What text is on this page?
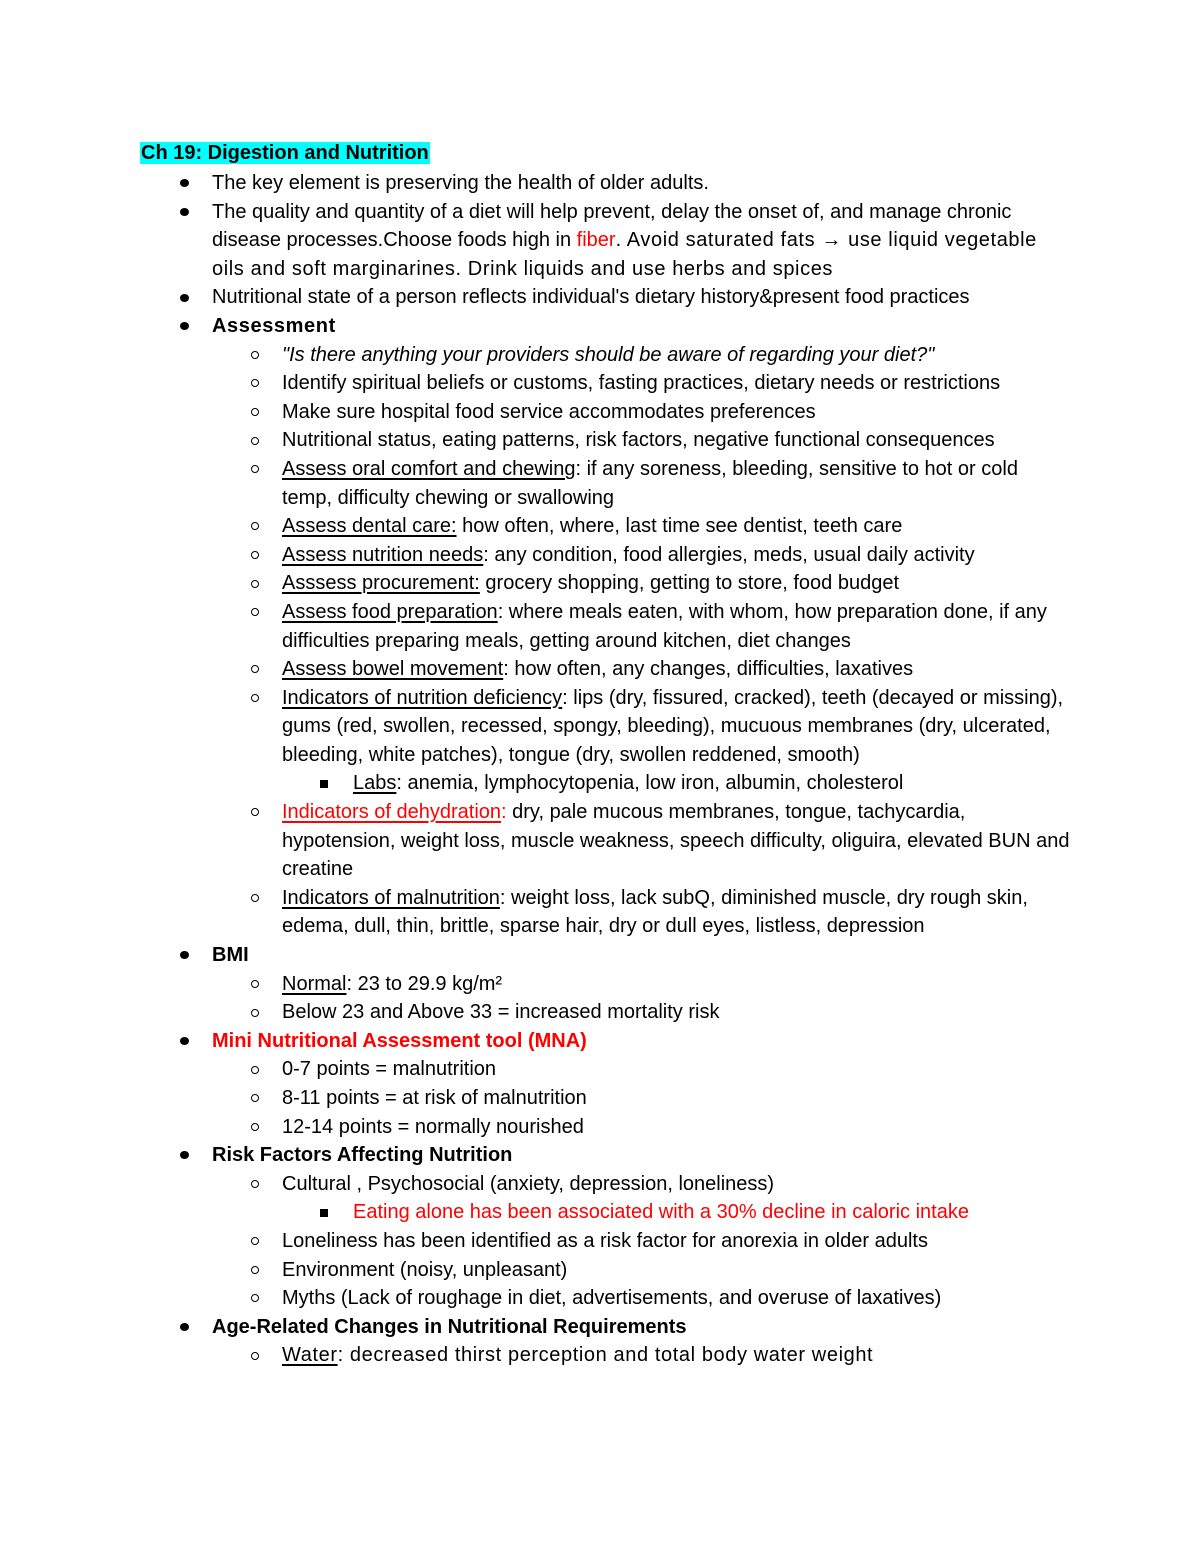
Ch 19: Digestion and Nutrition
The key element is preserving the health of older adults.
The quality and quantity of a diet will help prevent, delay the onset of, and manage chronic disease processes.Choose foods high in fiber. Avoid saturated fats → use liquid vegetable oils and soft marginarines. Drink liquids and use herbs and spices
Nutritional state of a person reflects individual's dietary history&present food practices
Assessment
"Is there anything your providers should be aware of regarding your diet?"
Identify spiritual beliefs or customs, fasting practices, dietary needs or restrictions
Make sure hospital food service accommodates preferences
Nutritional status, eating patterns, risk factors, negative functional consequences
Assess oral comfort and chewing: if any soreness, bleeding, sensitive to hot or cold temp, difficulty chewing or swallowing
Assess dental care: how often, where, last time see dentist, teeth care
Assess nutrition needs: any condition, food allergies, meds, usual daily activity
Asssess procurement: grocery shopping, getting to store, food budget
Assess food preparation: where meals eaten, with whom, how preparation done, if any difficulties preparing meals, getting around kitchen, diet changes
Assess bowel movement: how often, any changes, difficulties, laxatives
Indicators of nutrition deficiency: lips (dry, fissured, cracked), teeth (decayed or missing), gums (red, swollen, recessed, spongy, bleeding), mucuous membranes (dry, ulcerated, bleeding, white patches), tongue (dry, swollen reddened, smooth)
Labs: anemia, lymphocytopenia, low iron, albumin, cholesterol
Indicators of dehydration: dry, pale mucous membranes, tongue, tachycardia, hypotension, weight loss, muscle weakness, speech difficulty, oliguira, elevated BUN and creatine
Indicators of malnutrition: weight loss, lack subQ, diminished muscle, dry rough skin, edema, dull, thin, brittle, sparse hair, dry or dull eyes, listless, depression
BMI
Normal: 23 to 29.9 kg/m²
Below 23 and Above 33 = increased mortality risk
Mini Nutritional Assessment tool (MNA)
0-7 points = malnutrition
8-11 points = at risk of malnutrition
12-14 points = normally nourished
Risk Factors Affecting Nutrition
Cultural , Psychosocial (anxiety, depression, loneliness)
Eating alone has been associated with a 30% decline in caloric intake
Loneliness has been identified as a risk factor for anorexia in older adults
Environment (noisy, unpleasant)
Myths (Lack of roughage in diet, advertisements, and overuse of laxatives)
Age-Related Changes in Nutritional Requirements
Water: decreased thirst perception and total body water weight
